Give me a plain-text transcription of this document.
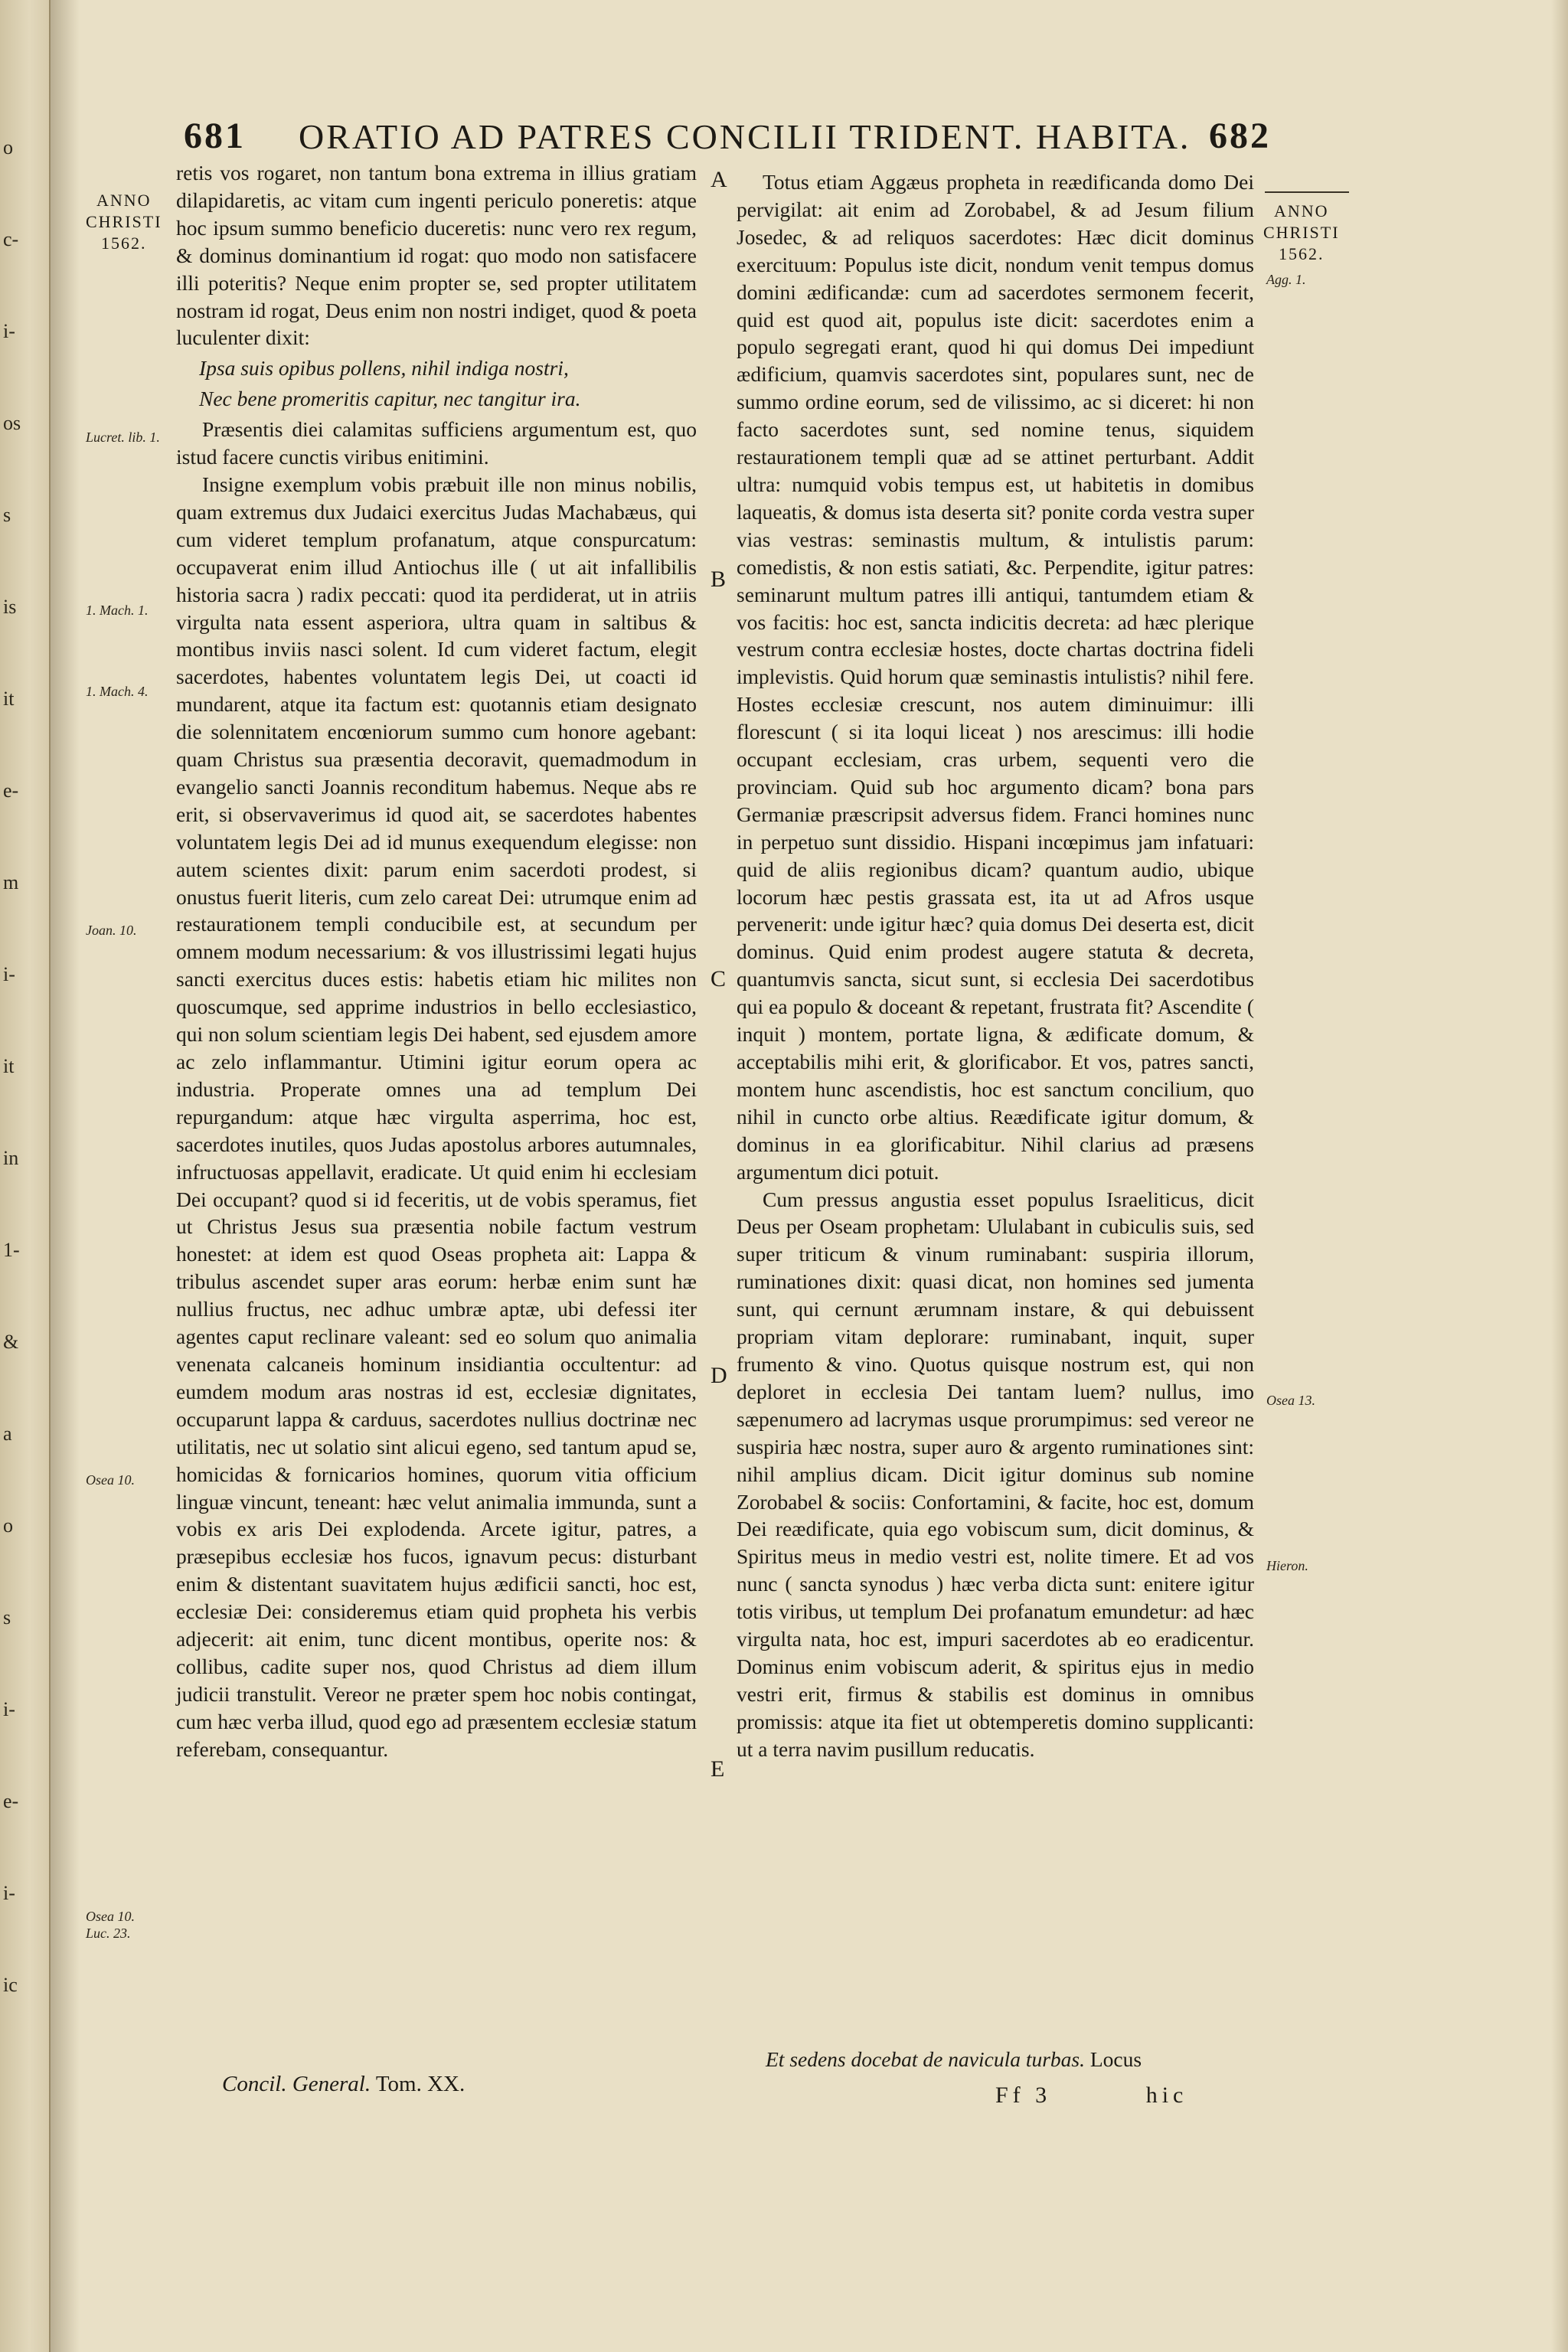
o
c-
i-
os
s
is
it
e-
m
i-
it
in
1-
&
a
o
s
i-
e-
i-
ic
681 ORATIO AD PATRES CONCILII TRIDENT. HABITA. 682
ANNO
CHRISTI
1562.
Lucret. lib. 1.
1. Mach. 1.
1. Mach. 4.
Joan. 10.
Osea 10.
Osea 10. Luc. 23.
A
B
C
D
E

retis vos rogaret, non tantum bona extrema in illius gratiam dilapidaretis, ac vitam cum ingenti periculo poneretis: atque hoc ipsum summo beneficio duceretis: nunc vero rex regum, & dominus dominantium id rogat: quo modo non satisfacere illi poteritis? Neque enim propter se, sed propter utilitatem nostram id rogat, Deus enim non nostri indiget, quod & poeta luculenter dixit:

Ipsa suis opibus pollens, nihil indiga nostri,

Nec bene promeritis capitur, nec tangitur ira.

Præsentis diei calamitas sufficiens argumentum est, quo istud facere cunctis viribus enitimini.

Insigne exemplum vobis præbuit ille non minus nobilis, quam extremus dux Judaici exercitus Judas Machabæus, qui cum videret templum profanatum, atque conspurcatum: occupaverat enim illud Antiochus ille ( ut ait infallibilis historia sacra ) radix peccati: quod ita perdiderat, ut in atriis virgulta nata essent asperiora, ultra quam in saltibus & montibus inviis nasci solent. Id cum videret factum, elegit sacerdotes, habentes voluntatem legis Dei, ut coacti id mundarent, atque ita factum est: quotannis etiam designato die solennitatem encœniorum summo cum honore agebant: quam Christus sua præsentia decoravit, quemadmodum in evangelio sancti Joannis reconditum habemus. Neque abs re erit, si observaverimus id quod ait, se sacerdotes habentes voluntatem legis Dei ad id munus exequendum elegisse: non autem scientes dixit: parum enim sacerdoti prodest, si onustus fuerit literis, cum zelo careat Dei: utrumque enim ad restaurationem templi conducibile est, at secundum per omnem modum necessarium: & vos illustrissimi legati hujus sancti exercitus duces estis: habetis etiam hic milites non quoscumque, sed apprime industrios in bello ecclesiastico, qui non solum scientiam legis Dei habent, sed ejusdem amore ac zelo inflammantur. Utimini igitur eorum opera ac industria. Properate omnes una ad templum Dei repurgandum: atque hæc virgulta asperrima, hoc est, sacerdotes inutiles, quos Judas apostolus arbores autumnales, infructuosas appellavit, eradicate. Ut quid enim hi ecclesiam Dei occupant? quod si id feceritis, ut de vobis speramus, fiet ut Christus Jesus sua præsentia nobile factum vestrum honestet: at idem est quod Oseas propheta ait: Lappa & tribulus ascendet super aras eorum: herbæ enim sunt hæ nullius fructus, nec adhuc umbræ aptæ, ubi defessi iter agentes caput reclinare valeant: sed eo solum quo animalia venenata calcaneis hominum insidiantia occultentur: ad eumdem modum aras nostras id est, ecclesiæ dignitates, occuparunt lappa & carduus, sacerdotes nullius doctrinæ nec utilitatis, nec ut solatio sint alicui egeno, sed tantum apud se, homicidas & fornicarios homines, quorum vitia officium linguæ vincunt, teneant: hæc velut animalia immunda, sunt a vobis ex aris Dei explodenda. Arcete igitur, patres, a præsepibus ecclesiæ hos fucos, ignavum pecus: disturbant enim & distentant suavitatem hujus ædificii sancti, hoc est, ecclesiæ Dei: consideremus etiam quid propheta his verbis adjecerit: ait enim, tunc dicent montibus, operite nos: & collibus, cadite super nos, quod Christus ad diem illum judicii transtulit. Vereor ne præter spem hoc nobis contingat, cum hæc verba illud, quod ego ad præsentem ecclesiæ statum referebam, consequantur.

Concil. General. Tom. XX.
ANNO
CHRISTI
1562.
Agg. 1.
Osea 13.
Hieron.

Totus etiam Aggæus propheta in reædificanda domo Dei pervigilat: ait enim ad Zorobabel, & ad Jesum filium Josedec, & ad reliquos sacerdotes: Hæc dicit dominus exercituum: Populus iste dicit, nondum venit tempus domus domini ædificandæ: cum ad sacerdotes sermonem fecerit, quid est quod ait, populus iste dicit: sacerdotes enim a populo segregati erant, quod hi qui domus Dei impediunt ædificium, quamvis sacerdotes sint, populares sunt, nec de summo ordine eorum, sed de vilissimo, ac si diceret: hi non facto sacerdotes sunt, sed nomine tenus, siquidem restaurationem templi quæ ad se attinet perturbant. Addit ultra: numquid vobis tempus est, ut habitetis in domibus laqueatis, & domus ista deserta sit? ponite corda vestra super vias vestras: seminastis multum, & intulistis parum: comedistis, & non estis satiati, &c. Perpendite, igitur patres: seminarunt multum patres illi antiqui, tantumdem etiam & vos facitis: hoc est, sancta indicitis decreta: ad hæc plerique vestrum contra ecclesiæ hostes, docte chartas doctrina fideli implevistis. Quid horum quæ seminastis intulistis? nihil fere. Hostes ecclesiæ crescunt, nos autem diminuimur: illi florescunt ( si ita loqui liceat ) nos arescimus: illi hodie occupant ecclesiam, cras urbem, sequenti vero die provinciam. Quid sub hoc argumento dicam? bona pars Germaniæ præscripsit adversus fidem. Franci homines nunc in perpetuo sunt dissidio. Hispani incœpimus jam infatuari: quid de aliis regionibus dicam? quantum audio, ubique locorum hæc pestis grassata est, ita ut ad Afros usque pervenerit: unde igitur hæc? quia domus Dei deserta est, dicit dominus. Quid enim prodest augere statuta & decreta, quantumvis sancta, sicut sunt, si ecclesia Dei sacerdotibus qui ea populo & doceant & repetant, frustrata fit? Ascendite ( inquit ) montem, portate ligna, & ædificate domum, & acceptabilis mihi erit, & glorificabor. Et vos, patres sancti, montem hunc ascendistis, hoc est sanctum concilium, quo nihil in cuncto orbe altius. Reædificate igitur domum, & dominus in ea glorificabitur. Nihil clarius ad præsens argumentum dici potuit.

Cum pressus angustia esset populus Israeliticus, dicit Deus per Oseam prophetam: Ululabant in cubiculis suis, sed super triticum & vinum ruminabant: suspiria illorum, ruminationes dixit: quasi dicat, non homines sed jumenta sunt, qui cernunt ærumnam instare, & qui debuissent propriam vitam deplorare: ruminabant, inquit, super frumento & vino. Quotus quisque nostrum est, qui non deploret in ecclesia Dei tantam luem? nullus, imo sæpenumero ad lacrymas usque prorumpimus: sed vereor ne suspiria hæc nostra, super auro & argento ruminationes sint: nihil amplius dicam. Dicit igitur dominus sub nomine Zorobabel & sociis: Confortamini, & facite, hoc est, domum Dei reædificate, quia ego vobiscum sum, dicit dominus, & Spiritus meus in medio vestri est, nolite timere. Et ad vos nunc ( sancta synodus ) hæc verba dicta sunt: enitere igitur totis viribus, ut templum Dei profanatum emundetur: ad hæc virgulta nata, hoc est, impuri sacerdotes ab eo eradicentur. Dominus enim vobiscum aderit, & spiritus ejus in medio vestri erit, firmus & stabilis est dominus in omnibus promissis: atque ita fiet ut obtemperetis domino supplicanti: ut a terra navim pusillum reducatis.

Et sedens docebat de navicula turbas. Locus
Ff 3	hic
